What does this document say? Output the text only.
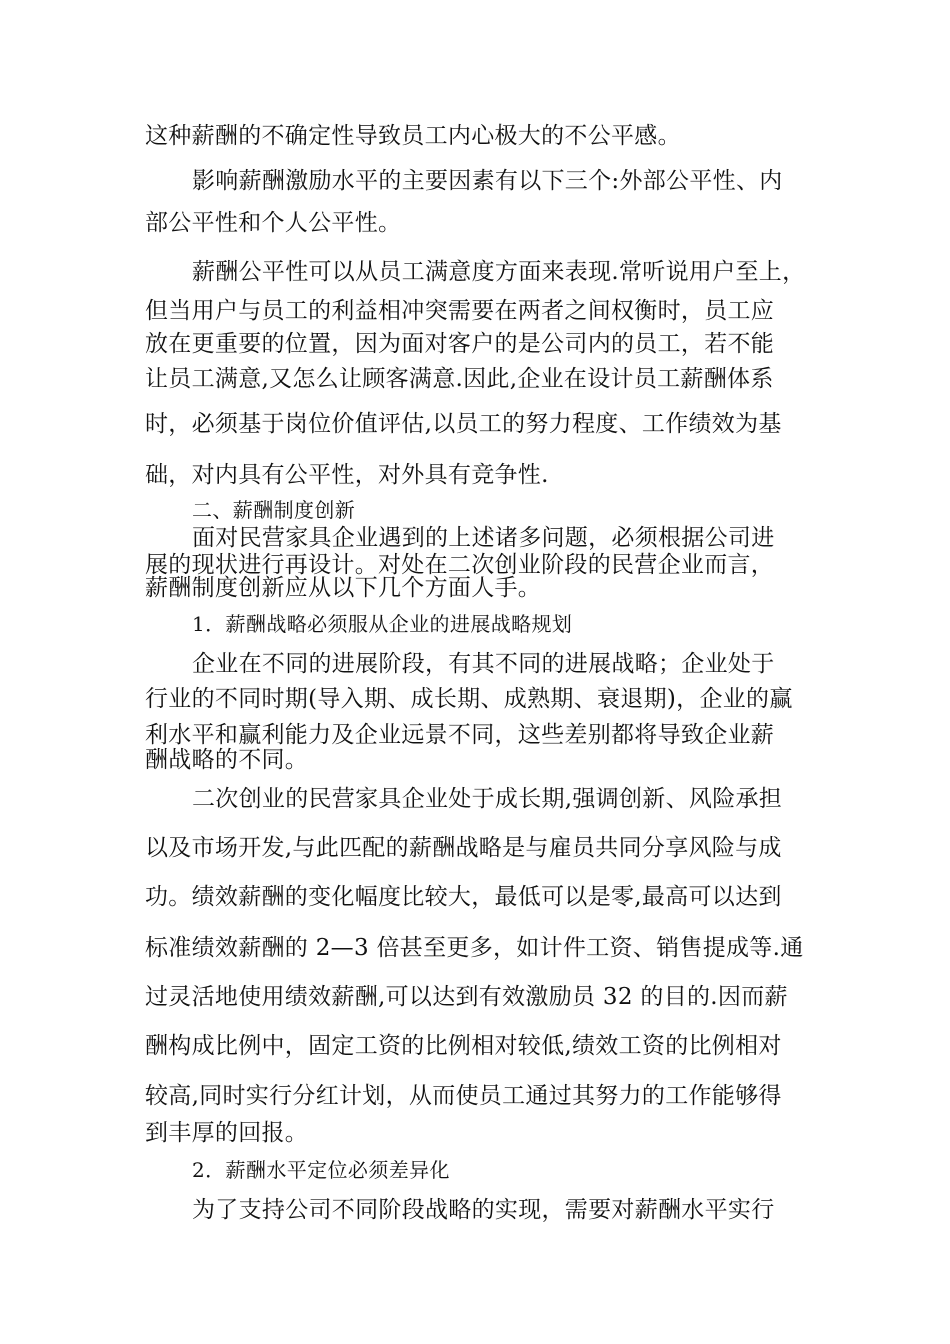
这种薪酬的不确定性导致员工内心极大的不公平感。
影响薪酬激励水平的主要因素有以下三个:外部公平性、内
部公平性和个人公平性。
薪酬公平性可以从员工满意度方面来表现.常听说用户至上，
但当用户与员工的利益相冲突需要在两者之间权衡时，员工应
放在更重要的位置，因为面对客户的是公司内的员工，若不能
让员工满意,又怎么让顾客满意.因此,企业在设计员工薪酬体系
时，必须基于岗位价值评估,以员工的努力程度、工作绩效为基
础，对内具有公平性，对外具有竞争性.
二、薪酬制度创新
面对民营家具企业遇到的上述诸多问题，必须根据公司进
展的现状进行再设计。对处在二次创业阶段的民营企业而言，
薪酬制度创新应从以下几个方面人手。
1．薪酬战略必须服从企业的进展战略规划
企业在不同的进展阶段，有其不同的进展战略；企业处于
行业的不同时期(导入期、成长期、成熟期、衰退期)，企业的赢
利水平和赢利能力及企业远景不同，这些差别都将导致企业薪
酬战略的不同。
二次创业的民营家具企业处于成长期,强调创新、风险承担
以及市场开发,与此匹配的薪酬战略是与雇员共同分享风险与成
功。绩效薪酬的变化幅度比较大，最低可以是零,最高可以达到
标准绩效薪酬的 2—3 倍甚至更多，如计件工资、销售提成等.通
过灵活地使用绩效薪酬,可以达到有效激励员 32 的目的.因而薪
酬构成比例中，固定工资的比例相对较低,绩效工资的比例相对
较高,同时实行分红计划，从而使员工通过其努力的工作能够得
到丰厚的回报。
2．薪酬水平定位必须差异化
为了支持公司不同阶段战略的实现，需要对薪酬水平实行
